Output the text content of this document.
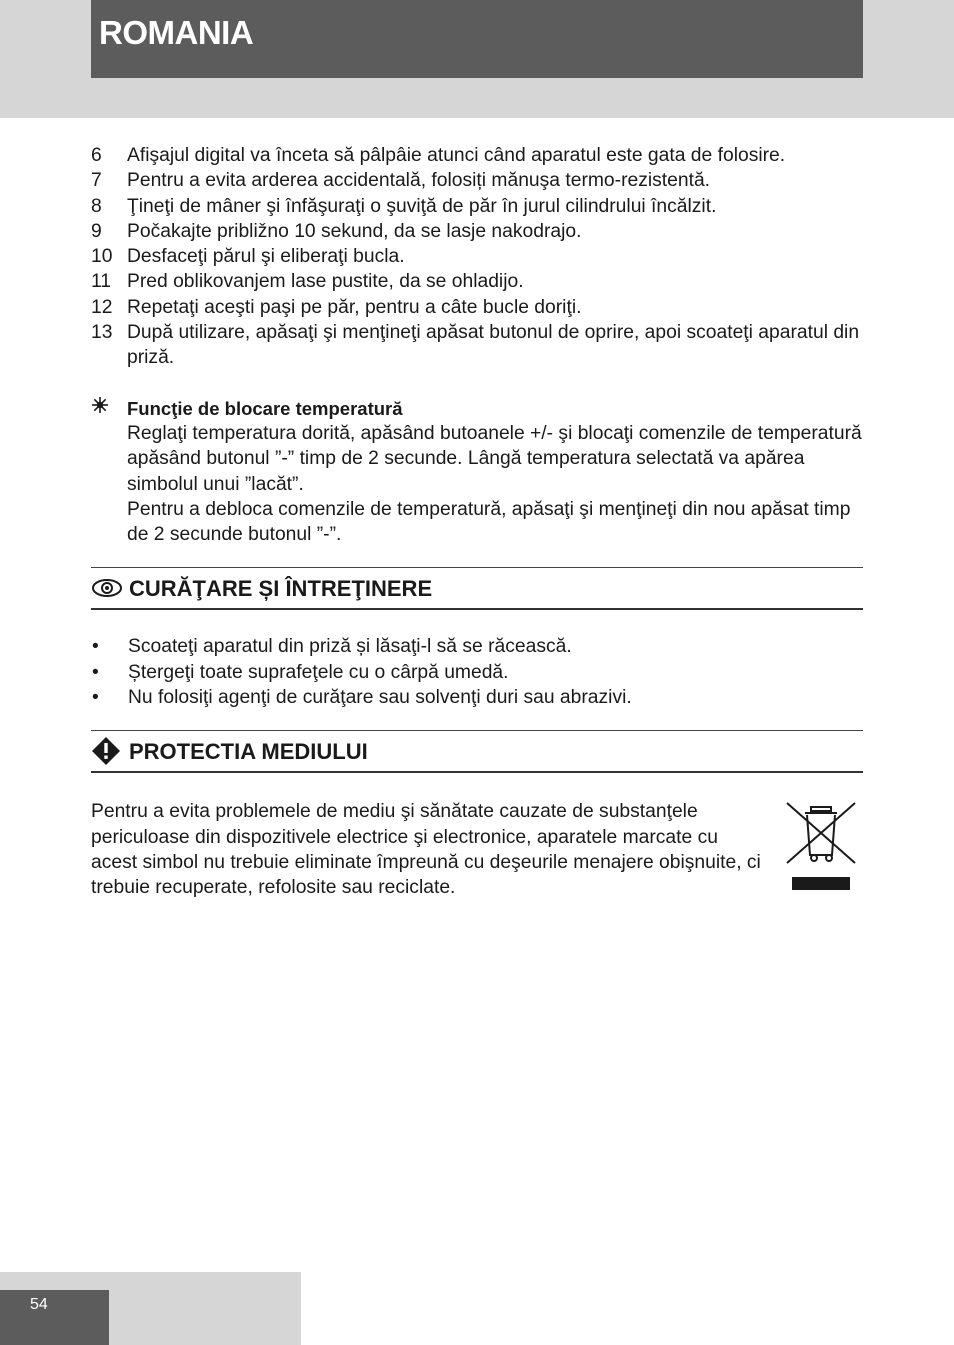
ROMANIA
6	Afişajul digital va înceta să pâlpâie atunci când aparatul este gata de folosire.
7	Pentru a evita arderea accidentală, folosiți mănuşa termo-rezistentă.
8	Ţineţi de mâner şi înfăşuraţi o şuviţă de păr în jurul cilindrului încălzit.
9	Počakajte približno 10 sekund, da se lasje nakodrajo.
10 Desfaceţi părul şi eliberaţi bucla.
11 Pred oblikovanjem lase pustite, da se ohladijo.
12 Repetaţi aceşti paşi pe păr, pentru a câte bucle doriţi.
13 După utilizare, apăsaţi şi menţineţi apăsat butonul de oprire, apoi scoateţi aparatul din priză.
Funcţie de blocare temperatură
Reglaţi temperatura dorită, apăsând butoanele +/- şi blocaţi comenzile de temperatură apăsând butonul ”-” timp de 2 secunde. Lângă temperatura selectată va apărea simbolul unui ”lacăt”.
Pentru a debloca comenzile de temperatură, apăsaţi şi menţineţi din nou apăsat timp de 2 secunde butonul ”-”.
CURĂŢARE ȘI ÎNTREŢINERE
•	Scoateţi aparatul din priză și lăsaţi-l să se răcească.
•	Ștergeţi toate suprafeţele cu o cârpă umedă.
•	Nu folosiţi agenţi de curăţare sau solvenţi duri sau abrazivi.
PROTECTIA MEDIULUI
Pentru a evita problemele de mediu şi sănătate cauzate de substanţele periculoase din dispozitivele electrice şi electronice, aparatele marcate cu acest simbol nu trebuie eliminate împreună cu deşeurile menajere obişnuite, ci trebuie recuperate, refolosite sau reciclate.
54
